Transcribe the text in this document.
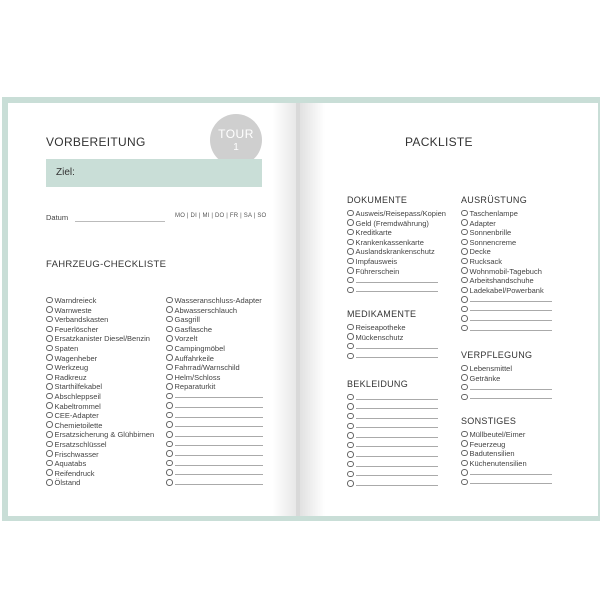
VORBEREITUNG
TOUR
1
Ziel:
Datum	MO | DI | MI | DO | FR | SA | SO
FAHRZEUG-CHECKLISTE
Warndreieck
Warnweste
Verbandskasten
Feuerlöscher
Ersatzkanister Diesel/Benzin
Spaten
Wagenheber
Werkzeug
Radkreuz
Starthilfekabel
Abschleppseil
Kabeltrommel
CEE-Adapter
Chemietoilette
Ersatzsicherung & Glühbirnen
Ersatzschlüssel
Frischwasser
Aquatabs
Reifendruck
Ölstand
Wasseranschluss-Adapter
Abwasserschlauch
Gasgrill
Gasflasche
Vorzelt
Campingmöbel
Auffahrkeile
Fahrrad/Warnschild
Helm/Schloss
Reparaturkit
PACKLISTE
DOKUMENTE
Ausweis/Reisepass/Kopien
Geld (Fremdwährung)
Kreditkarte
Krankenkassenkarte
Auslandskrankenschutz
Impfausweis
Führerschein
MEDIKAMENTE
Reiseapotheke
Mückenschutz
BEKLEIDUNG
AUSRÜSTUNG
Taschenlampe
Adapter
Sonnenbrille
Sonnencreme
Decke
Rucksack
Wohnmobil-Tagebuch
Arbeitshandschuhe
Ladekabel/Powerbank
VERPFLEGUNG
Lebensmittel
Getränke
SONSTIGES
Müllbeutel/Eimer
Feuerzeug
Badutensilien
Küchenutensilien
